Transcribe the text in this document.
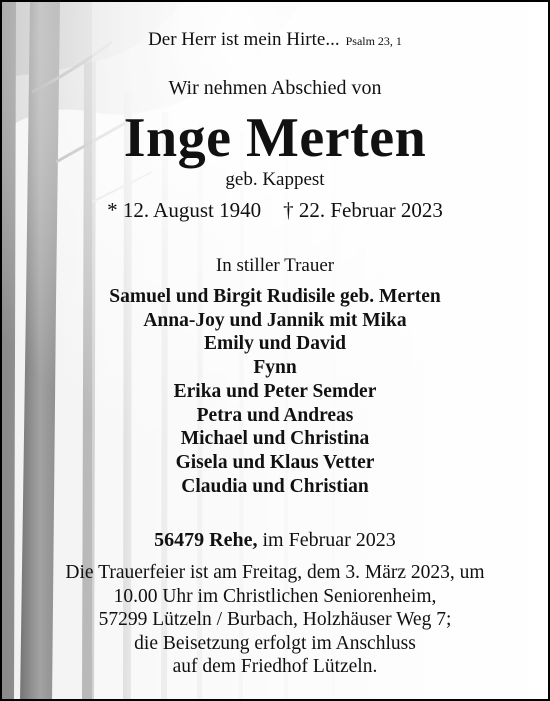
Der Herr ist mein Hirte... Psalm 23, 1
Wir nehmen Abschied von
Inge Merten
geb. Kappest
* 12. August 1940 † 22. Februar 2023
In stiller Trauer
Samuel und Birgit Rudisile geb. Merten
Anna-Joy und Jannik mit Mika
Emily und David
Fynn
Erika und Peter Semder
Petra und Andreas
Michael und Christina
Gisela und Klaus Vetter
Claudia und Christian
56479 Rehe, im Februar 2023
Die Trauerfeier ist am Freitag, dem 3. März 2023, um
10.00 Uhr im Christlichen Seniorenheim,
57299 Lützeln / Burbach, Holzhäuser Weg 7;
die Beisetzung erfolgt im Anschluss
auf dem Friedhof Lützeln.
